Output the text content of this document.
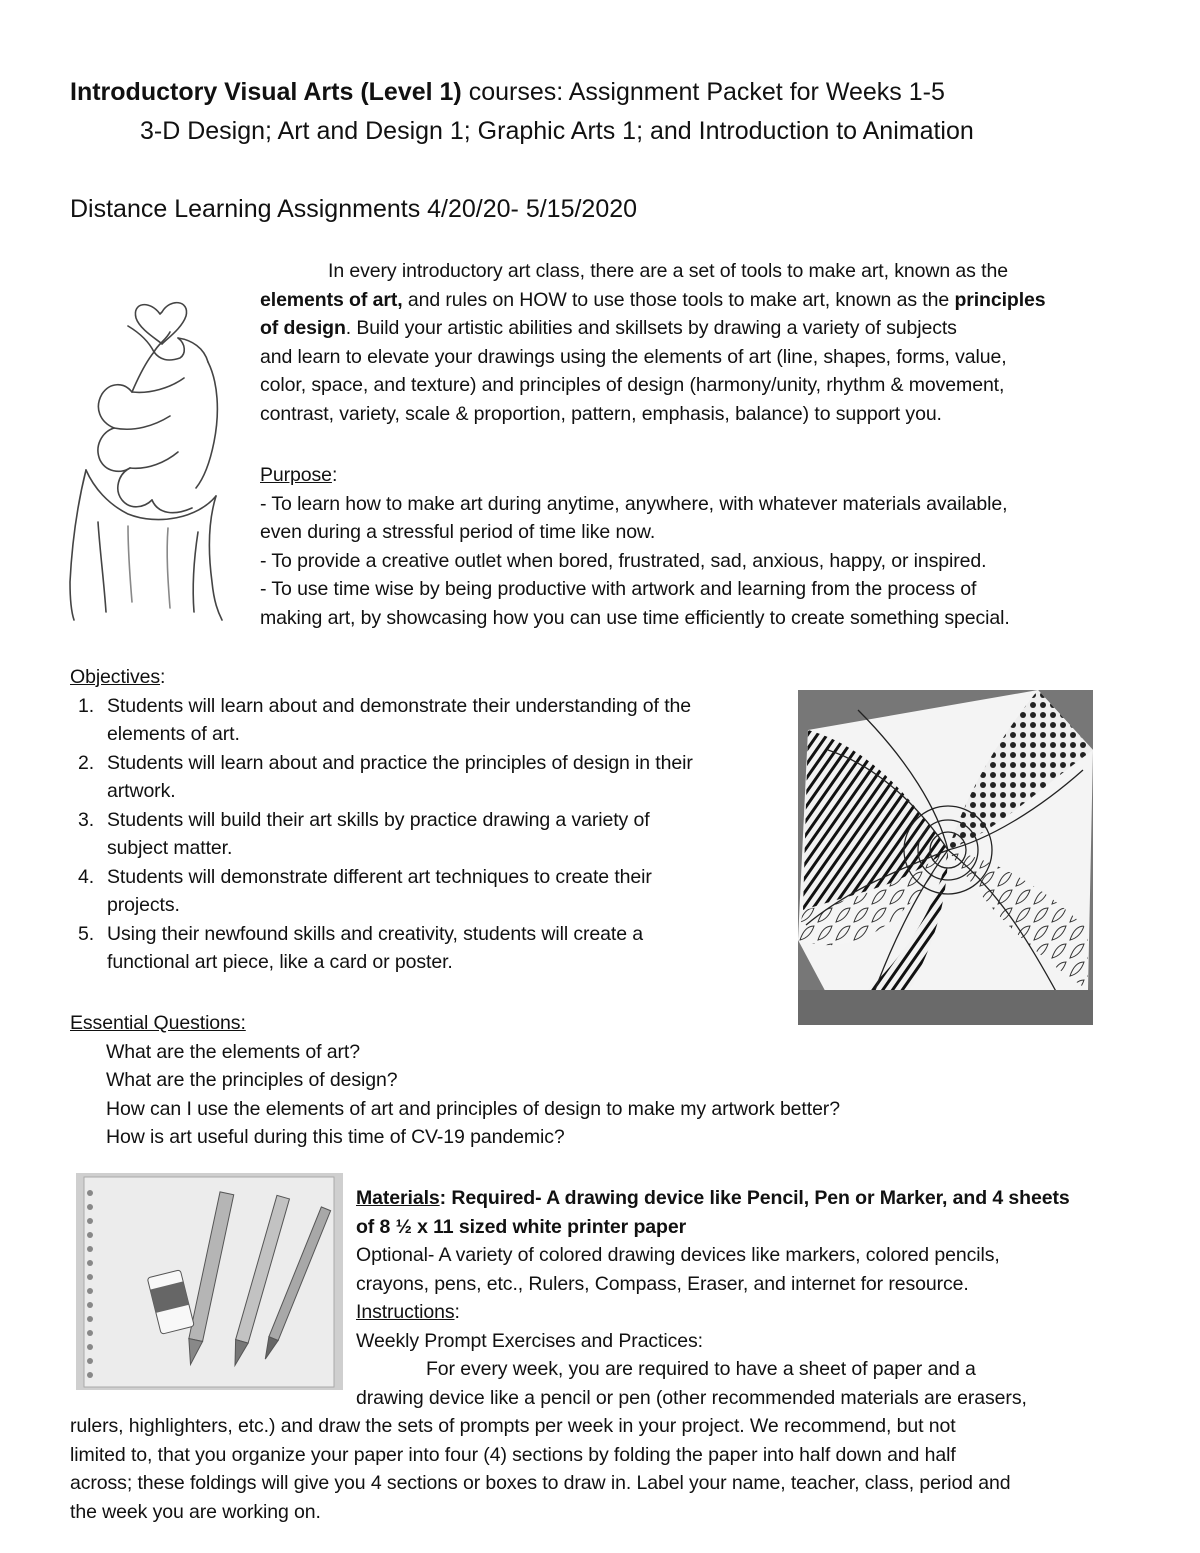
Introductory Visual Arts (Level 1) courses: Assignment Packet for Weeks 1-5
3-D Design; Art and Design 1; Graphic Arts 1; and Introduction to Animation
Distance Learning Assignments 4/20/20- 5/15/2020
In every introductory art class, there are a set of tools to make art, known as the
elements of art, and rules on HOW to use those tools to make art, known as the principles
of design. Build your artistic abilities and skillsets by drawing a variety of subjects
and learn to elevate your drawings using the elements of art (line, shapes, forms, value,
color, space, and texture) and principles of design (harmony/unity, rhythm & movement,
contrast, variety, scale & proportion, pattern, emphasis, balance) to support you.
Purpose:
- To learn how to make art during anytime, anywhere, with whatever materials available,
even during a stressful period of time like now.
- To provide a creative outlet when bored, frustrated, sad, anxious, happy, or inspired.
- To use time wise by being productive with artwork and learning from the process of
making art, by showcasing how you can use time efficiently to create something special.
Objectives:
1. Students will learn about and demonstrate their understanding of the
elements of art.
2. Students will learn about and practice the principles of design in their
artwork.
3. Students will build their art skills by practice drawing a variety of
subject matter.
4. Students will demonstrate different art techniques to create their
projects.
5. Using their newfound skills and creativity, students will create a
functional art piece, like a card or poster.
Essential Questions:
What are the elements of art?
What are the principles of design?
How can I use the elements of art and principles of design to make my artwork better?
How is art useful during this time of CV-19 pandemic?
Materials: Required- A drawing device like Pencil, Pen or Marker, and 4 sheets
of 8 ½ x 11 sized white printer paper
Optional- A variety of colored drawing devices like markers, colored pencils,
crayons, pens, etc., Rulers, Compass, Eraser, and internet for resource.
Instructions:
Weekly Prompt Exercises and Practices:
For every week, you are required to have a sheet of paper and a
drawing device like a pencil or pen (other recommended materials are erasers,
rulers, highlighters, etc.) and draw the sets of prompts per week in your project. We recommend, but not
limited to, that you organize your paper into four (4) sections by folding the paper into half down and half
across; these foldings will give you 4 sections or boxes to draw in. Label your name, teacher, class, period and
the week you are working on.
